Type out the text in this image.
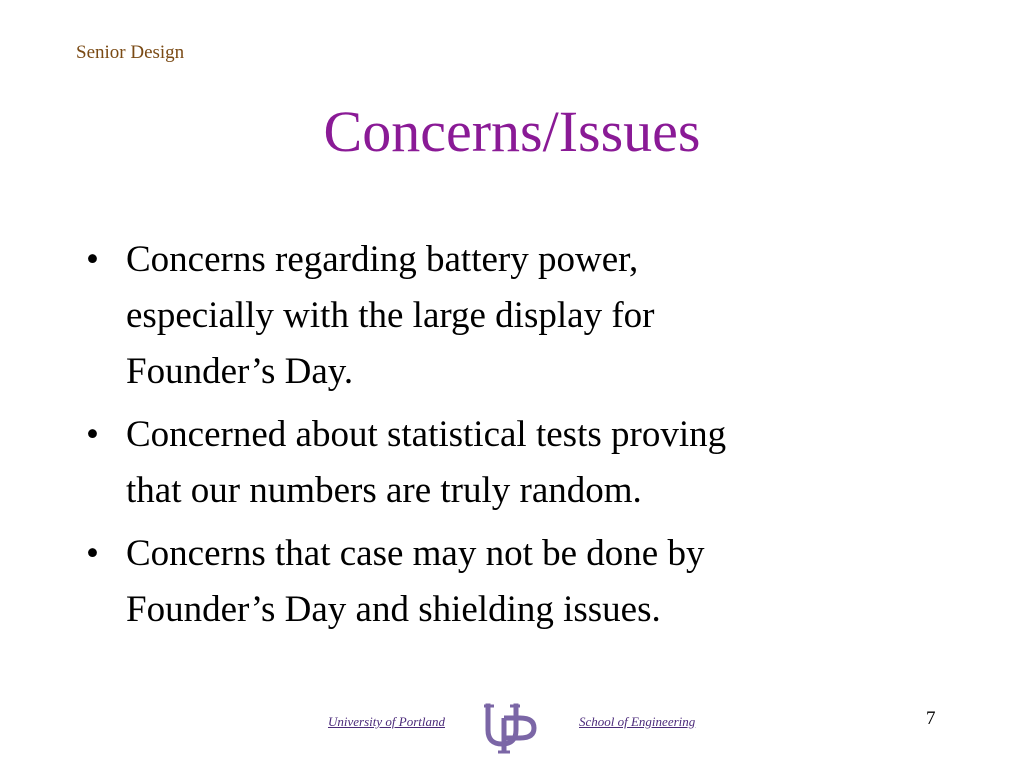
Senior Design
Concerns/Issues
• Concerns regarding battery power,
especially with the large display for
Founder’s Day.
• Concerned about statistical tests proving
that our numbers are truly random.
• Concerns that case may not be done by
Founder’s Day and shielding issues.
University of Portland	School of Engineering	7
